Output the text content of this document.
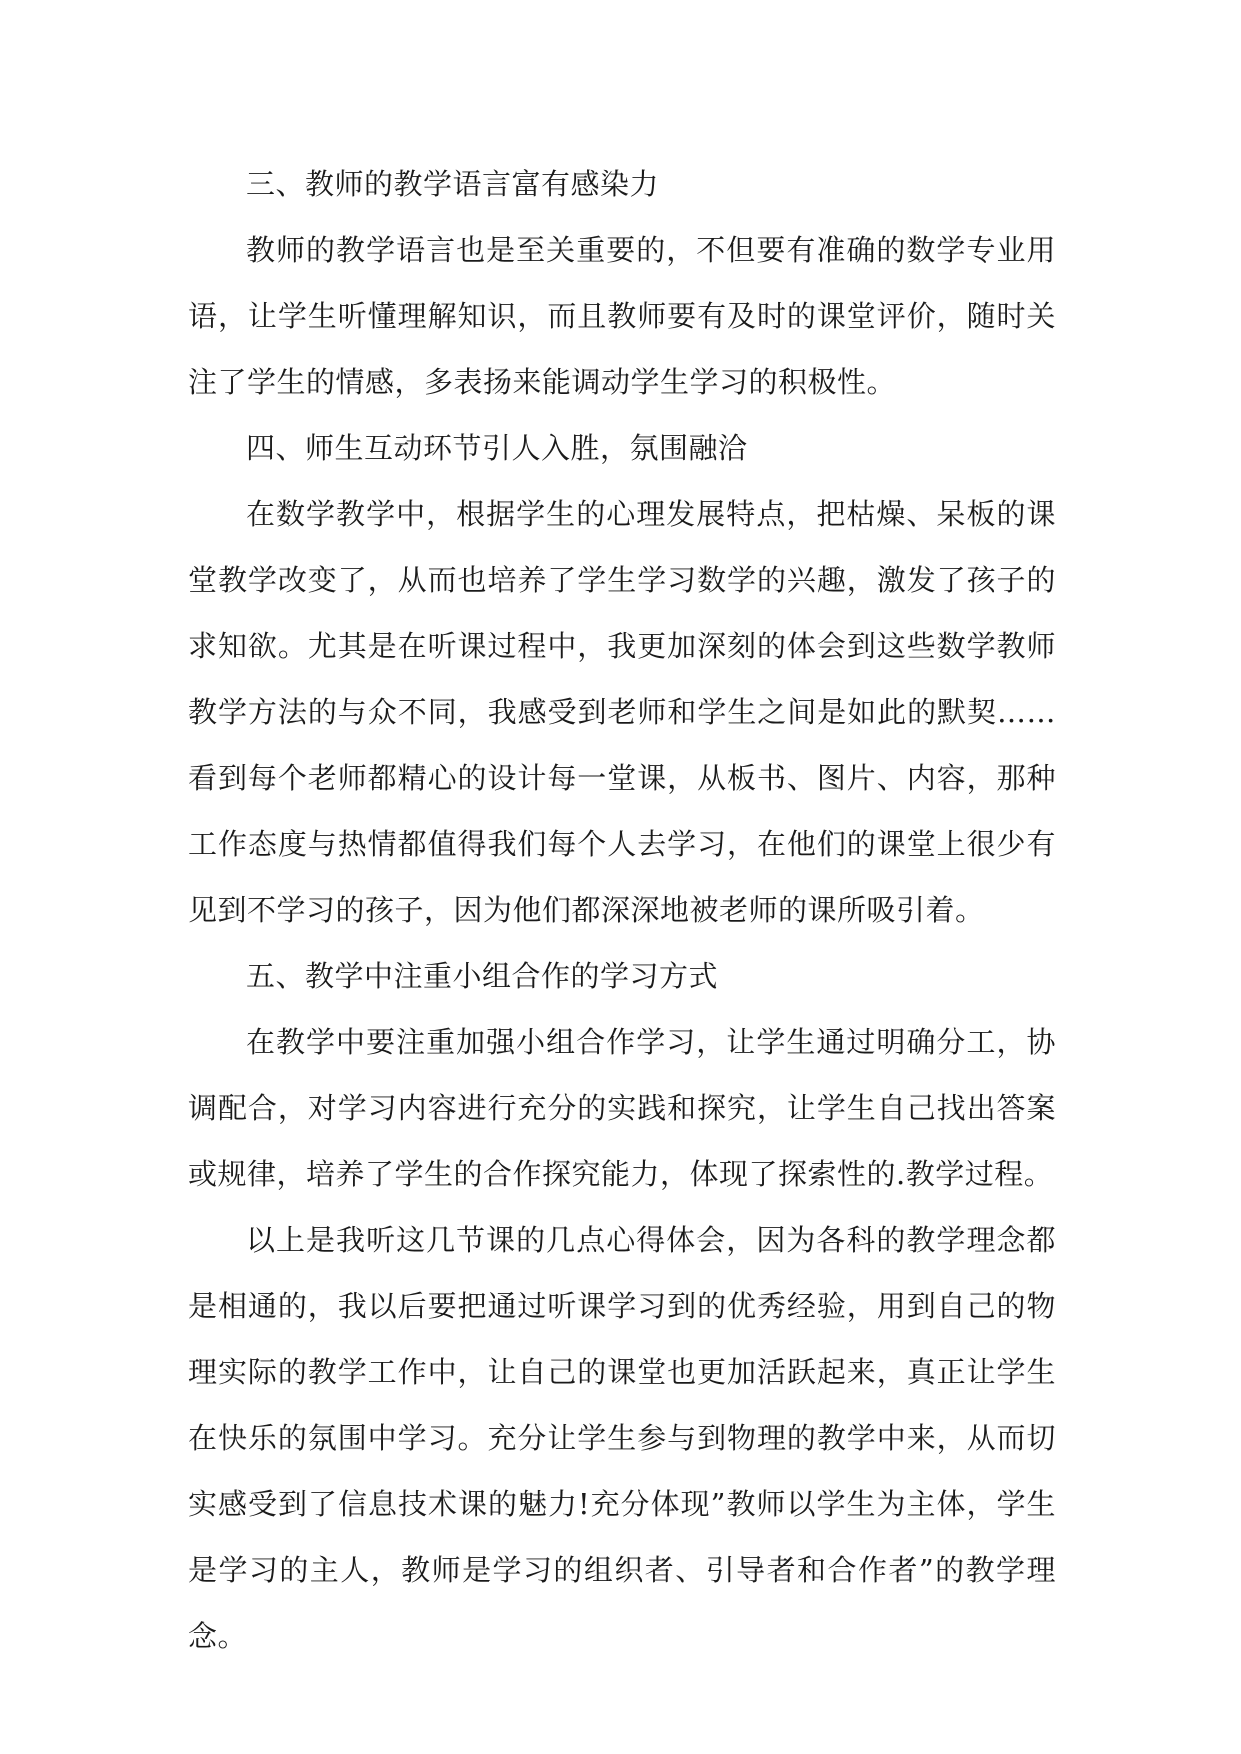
三、教师的教学语言富有感染力

教师的教学语言也是至关重要的，不但要有准确的数学专业用语，让学生听懂理解知识，而且教师要有及时的课堂评价，随时关注了学生的情感，多表扬来能调动学生学习的积极性。

四、师生互动环节引人入胜，氛围融洽

在数学教学中，根据学生的心理发展特点，把枯燥、呆板的课堂教学改变了，从而也培养了学生学习数学的兴趣，激发了孩子的求知欲。尤其是在听课过程中，我更加深刻的体会到这些数学教师教学方法的与众不同，我感受到老师和学生之间是如此的默契……看到每个老师都精心的设计每一堂课，从板书、图片、内容，那种工作态度与热情都值得我们每个人去学习，在他们的课堂上很少有见到不学习的孩子，因为他们都深深地被老师的课所吸引着。

五、教学中注重小组合作的学习方式

在教学中要注重加强小组合作学习，让学生通过明确分工，协调配合，对学习内容进行充分的实践和探究，让学生自己找出答案或规律，培养了学生的合作探究能力，体现了探索性的.教学过程。

以上是我听这几节课的几点心得体会，因为各科的教学理念都是相通的，我以后要把通过听课学习到的优秀经验，用到自己的物理实际的教学工作中，让自己的课堂也更加活跃起来，真正让学生在快乐的氛围中学习。充分让学生参与到物理的教学中来，从而切实感受到了信息技术课的魅力!充分体现”教师以学生为主体，学生是学习的主人，教师是学习的组织者、引导者和合作者”的教学理念。
